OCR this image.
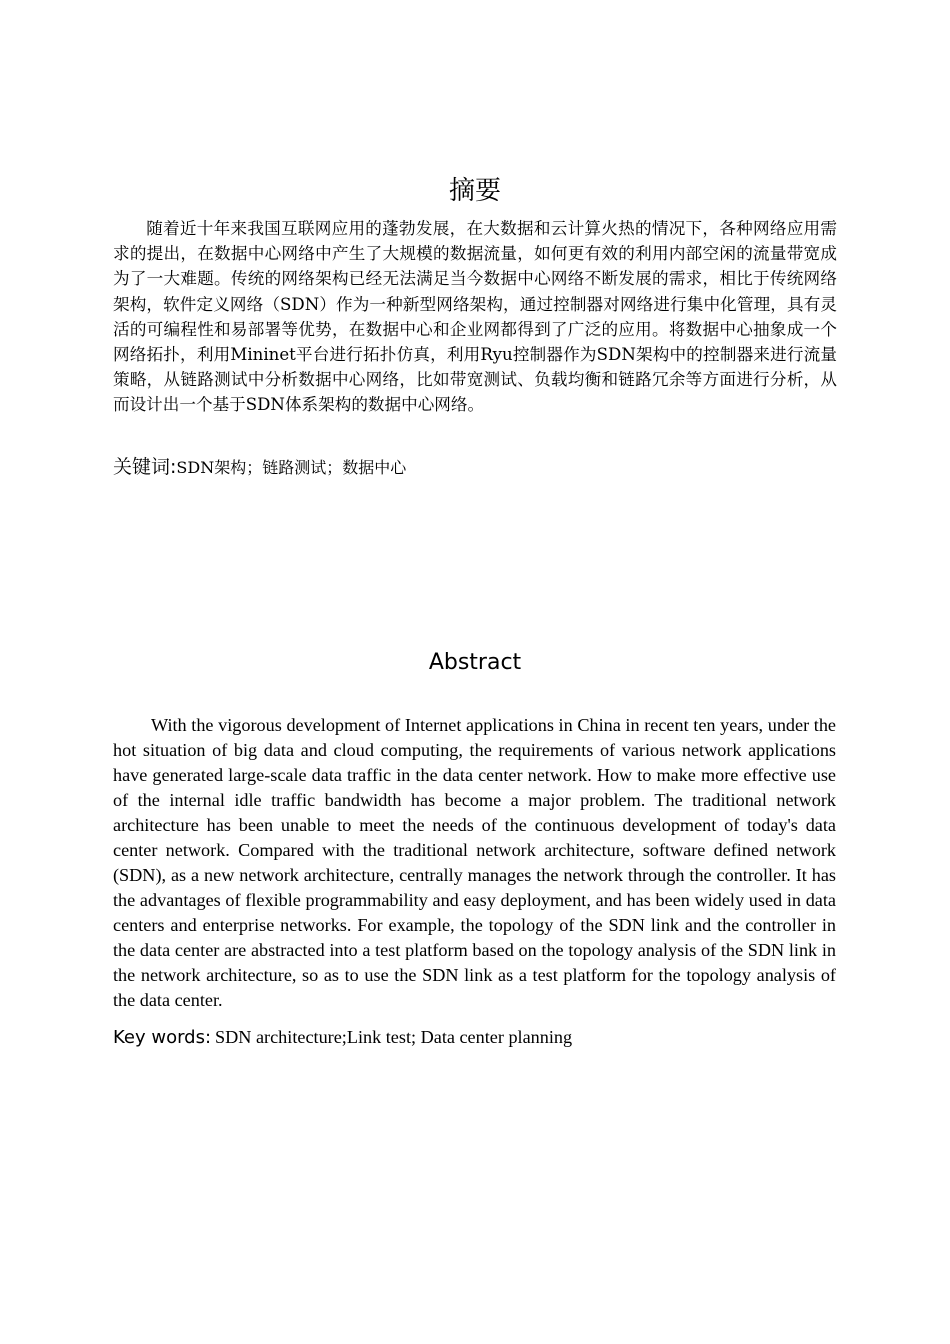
摘要

随着近十年来我国互联网应用的蓬勃发展，在大数据和云计算火热的情况下，各种网络应用需求的提出，在数据中心网络中产生了大规模的数据流量，如何更有效的利用内部空闲的流量带宽成为了一大难题。传统的网络架构已经无法满足当今数据中心网络不断发展的需求，相比于传统网络架构，软件定义网络（SDN）作为一种新型网络架构，通过控制器对网络进行集中化管理，具有灵活的可编程性和易部署等优势，在数据中心和企业网都得到了广泛的应用。将数据中心抽象成一个网络拓扑，利用Mininet平台进行拓扑仿真，利用Ryu控制器作为SDN架构中的控制器来进行流量策略，从链路测试中分析数据中心网络，比如带宽测试、负载均衡和链路冗余等方面进行分析，从而设计出一个基于SDN体系架构的数据中心网络。

关键词:SDN架构；链路测试；数据中心

Abstract

With the vigorous development of Internet applications in China in recent ten years, under the hot situation of big data and cloud computing, the requirements of various network applications have generated large-scale data traffic in the data center network. How to make more effective use of the internal idle traffic bandwidth has become a major problem. The traditional network architecture has been unable to meet the needs of the continuous development of today's data center network. Compared with the traditional network architecture, software defined network (SDN), as a new network architecture, centrally manages the network through the controller. It has the advantages of flexible programmability and easy deployment, and has been widely used in data centers and enterprise networks. For example, the topology of the SDN link and the controller in the data center are abstracted into a test platform based on the topology analysis of the SDN link in the network architecture, so as to use the SDN link as a test platform for the topology analysis of the data center.

Key words: SDN architecture;Link test; Data center planning
